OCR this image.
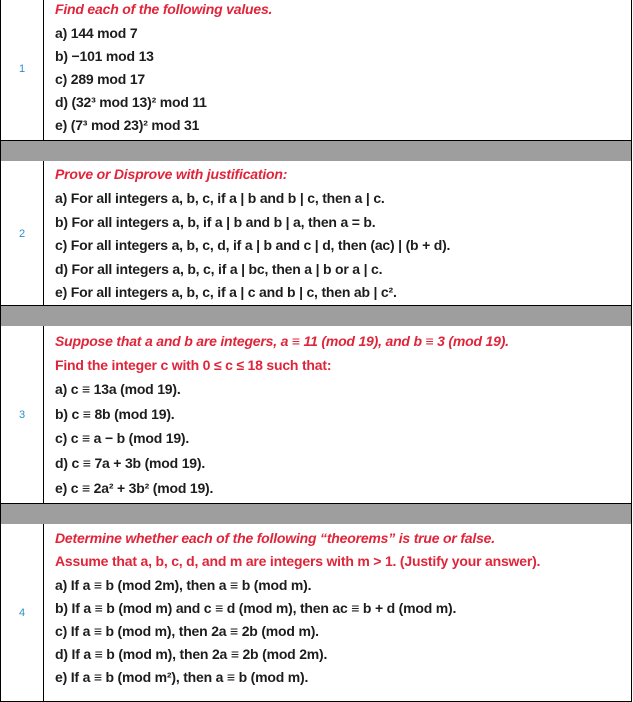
1
Find each of the following values.
a) 144 mod 7
b) −101 mod 13
c) 289 mod 17
d) (32³ mod 13)² mod 11
e) (7³ mod 23)² mod 31
2
Prove or Disprove with justification:
a) For all integers a, b, c, if a | b and b | c, then a | c.
b) For all integers a, b, if a | b and b | a, then a = b.
c) For all integers a, b, c, d, if a | b and c | d, then (ac) | (b + d).
d) For all integers a, b, c, if a | bc, then a | b or a | c.
e) For all integers a, b, c, if a | c and b | c, then ab | c².
3
Suppose that a and b are integers, a ≡ 11 (mod 19), and b ≡ 3 (mod 19).
Find the integer c with 0 ≤ c ≤ 18 such that:
a) c ≡ 13a (mod 19).
b) c ≡ 8b (mod 19).
c) c ≡ a − b (mod 19).
d) c ≡ 7a + 3b (mod 19).
e) c ≡ 2a² + 3b² (mod 19).
4
Determine whether each of the following “theorems” is true or false.
Assume that a, b, c, d, and m are integers with m > 1. (Justify your answer).
a) If a ≡ b (mod 2m), then a ≡ b (mod m).
b) If a ≡ b (mod m) and c ≡ d (mod m), then ac ≡ b + d (mod m).
c) If a ≡ b (mod m), then 2a ≡ 2b (mod m).
d) If a ≡ b (mod m), then 2a ≡ 2b (mod 2m).
e) If a ≡ b (mod m²), then a ≡ b (mod m).
